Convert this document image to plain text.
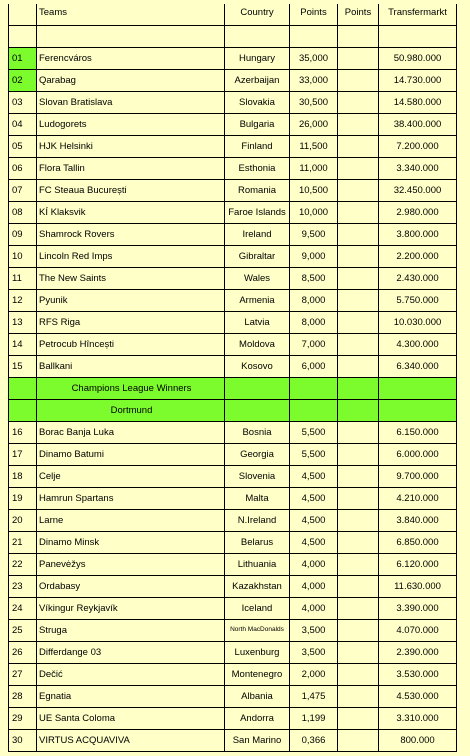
Teams	Country	Points	Points	Transfermarkt
01	Ferencváros	Hungary	35,000	50.980.000
02	Qarabag	Azerbaijan	33,000	14.730.000
03	Slovan Bratislava	Slovakia	30,500	14.580.000
04	Ludogorets	Bulgaria	26,000	38.400.000
05	HJK Helsinki	Finland	11,500	7.200.000
06	Flora Tallin	Esthonia	11,000	3.340.000
07	FC Steaua București	Romania	10,500	32.450.000
08	KÍ Klaksvik	Faroe Islands	10,000	2.980.000
09	Shamrock Rovers	Ireland	9,500	3.800.000
10	Lincoln Red Imps	Gibraltar	9,000	2.200.000
11	The New Saints	Wales	8,500	2.430.000
12	Pyunik	Armenia	8,000	5.750.000
13	RFS Riga	Latvia	8,000	10.030.000
14	Petrocub Hîncești	Moldova	7,000	4.300.000
15	Ballkani	Kosovo	6,000	6.340.000
Champions League Winners
Dortmund
16	Borac Banja Luka	Bosnia	5,500	6.150.000
17	Dinamo Batumi	Georgia	5,500	6.000.000
18	Celje	Slovenia	4,500	9.700.000
19	Hamrun Spartans	Malta	4,500	4.210.000
20	Larne	N.Ireland	4,500	3.840.000
21	Dinamo Minsk	Belarus	4,500	6.850.000
22	Panevėžys	Lithuania	4,000	6.120.000
23	Ordabasy	Kazakhstan	4,000	11.630.000
24	Víkingur Reykjavík	Iceland	4,000	3.390.000
25	Struga	North MacDonalds	3,500	4.070.000
26	Differdange 03	Luxenburg	3,500	2.390.000
27	Dečić	Montenegro	2,000	3.530.000
28	Egnatia	Albania	1,475	4.530.000
29	UE Santa Coloma	Andorra	1,199	3.310.000
30	VIRTUS ACQUAVIVA	San Marino	0,366	800.000
